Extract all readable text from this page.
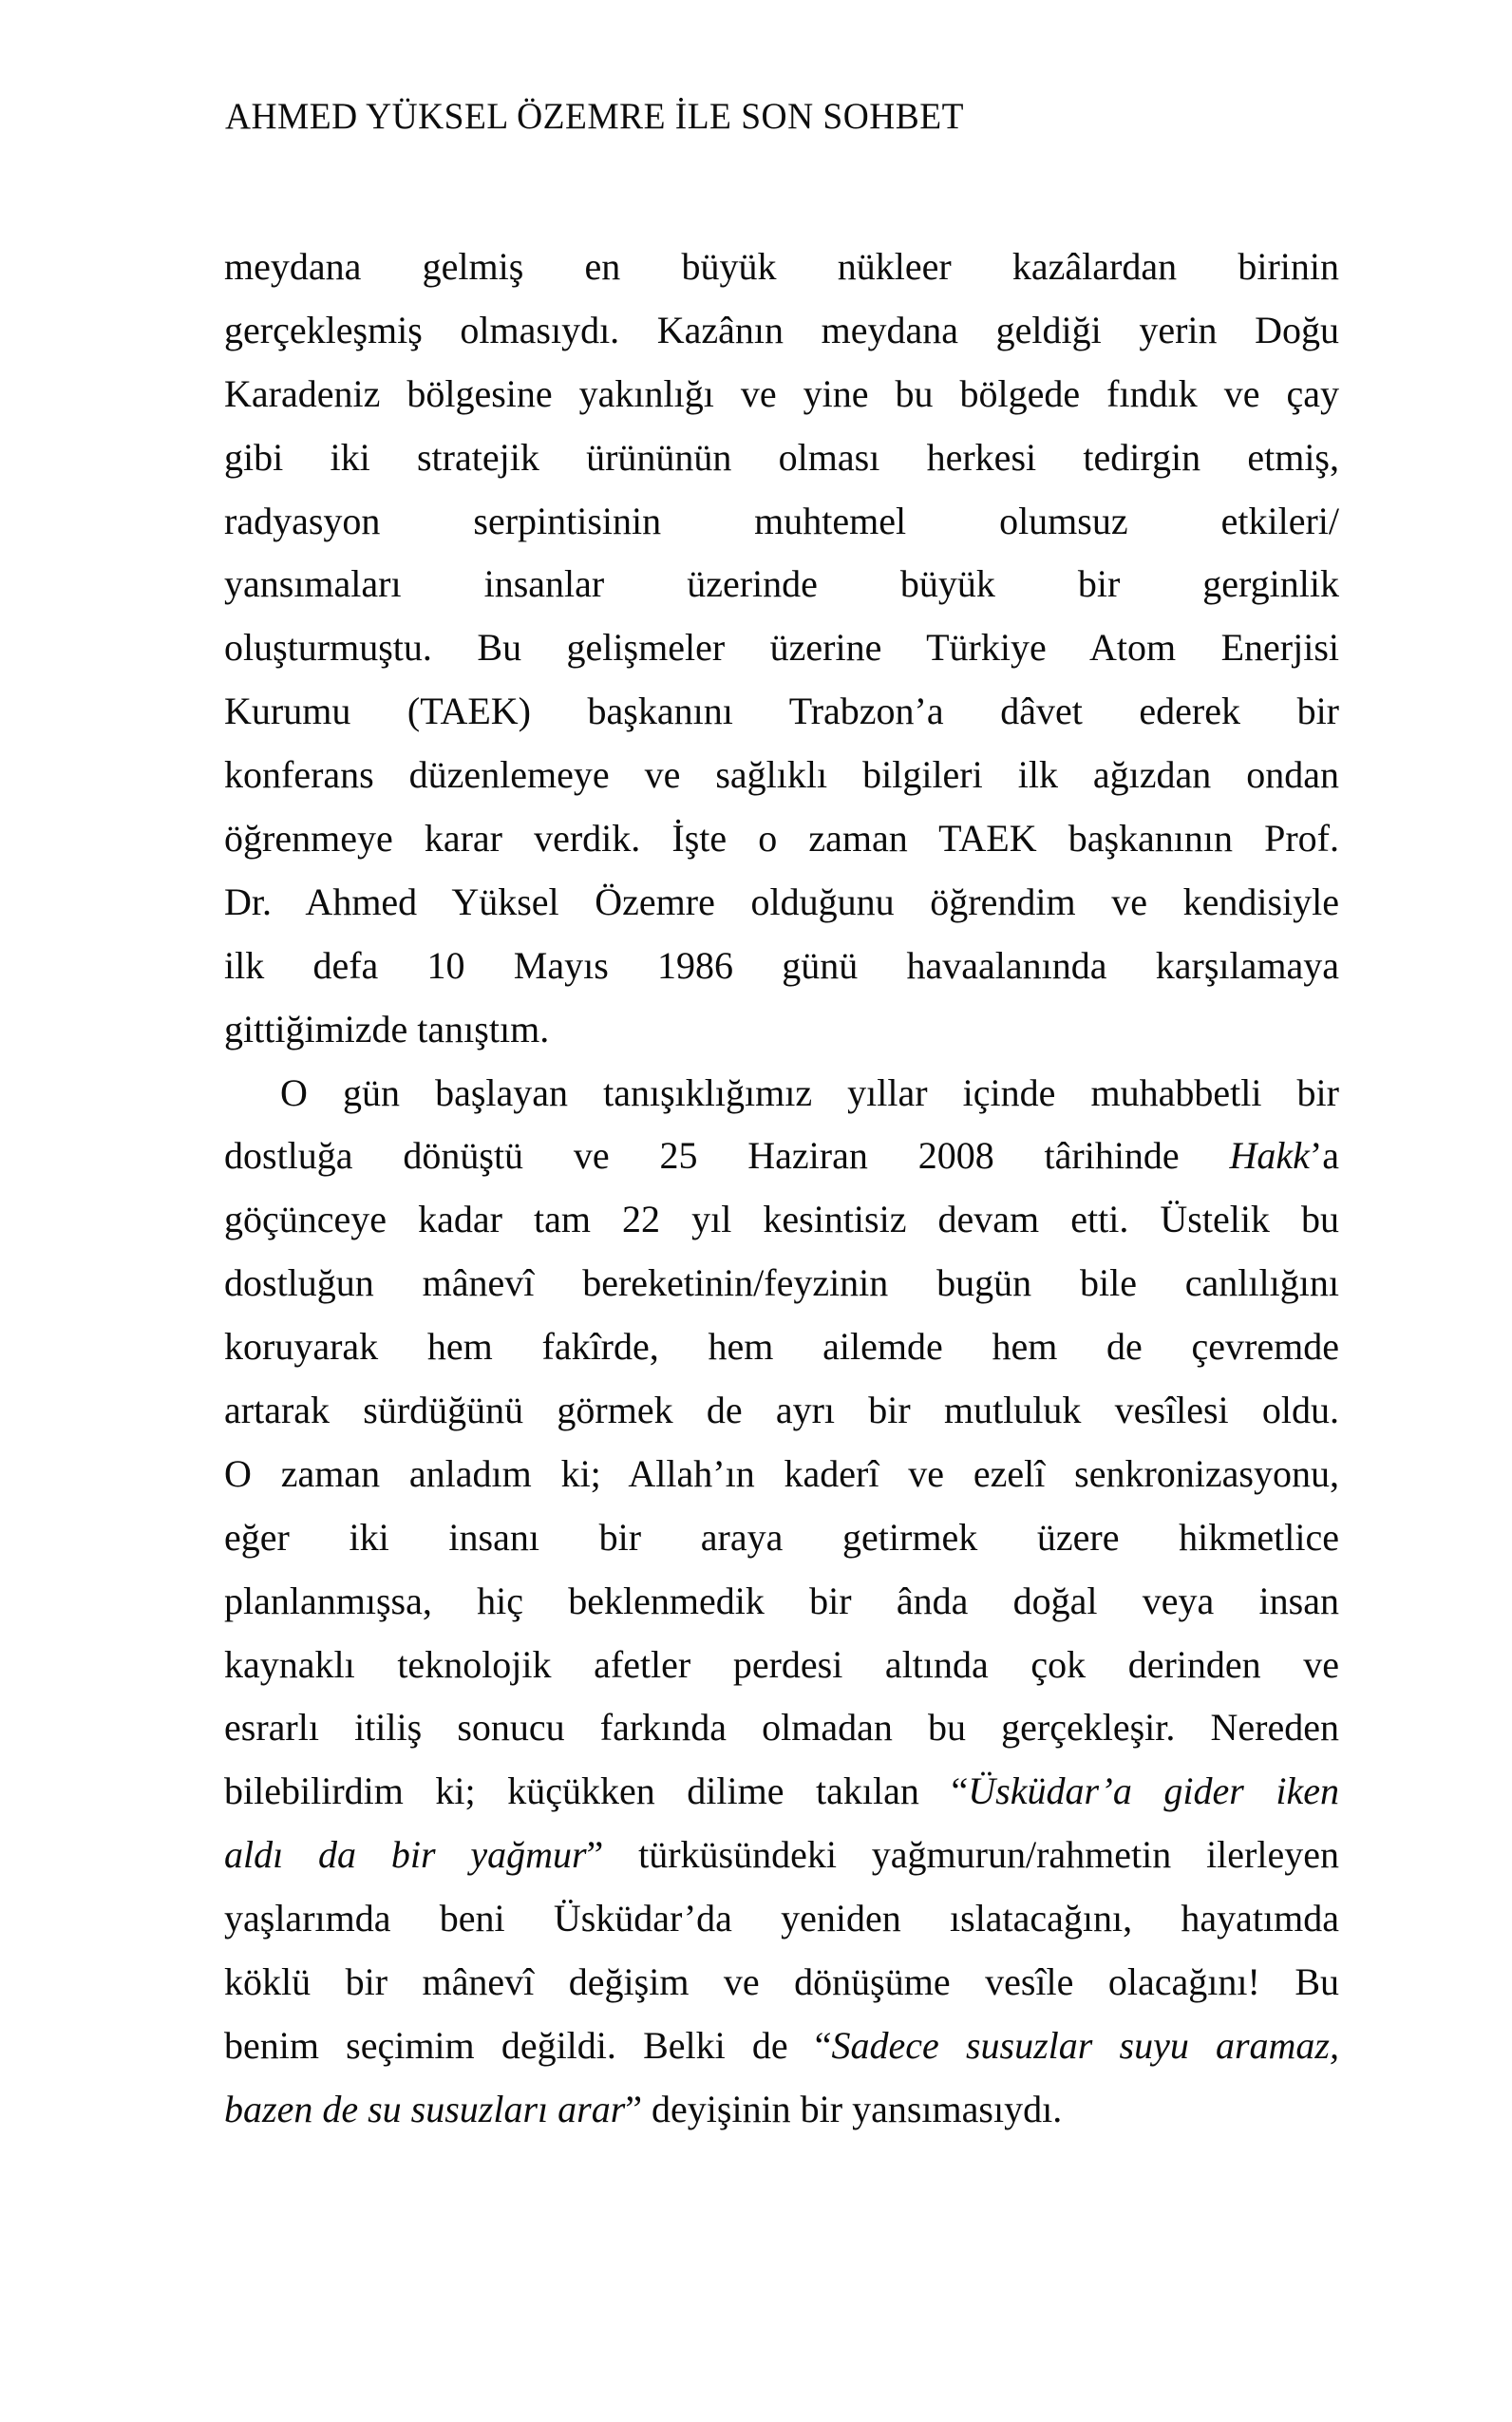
AHMED YÜKSEL ÖZEMRE İLE SON SOHBET
meydana gelmiş en büyük nükleer kazâlardan birinin
gerçekleşmiş olmasıydı. Kazânın meydana geldiği yerin Doğu
Karadeniz bölgesine yakınlığı ve yine bu bölgede fındık ve çay
gibi iki stratejik ürününün olması herkesi tedirgin etmiş,
radyasyon serpintisinin muhtemel olumsuz etkileri/
yansımaları insanlar üzerinde büyük bir gerginlik
oluşturmuştu. Bu gelişmeler üzerine Türkiye Atom Enerjisi
Kurumu (TAEK) başkanını Trabzon’a dâvet ederek bir
konferans düzenlemeye ve sağlıklı bilgileri ilk ağızdan ondan
öğrenmeye karar verdik. İşte o zaman TAEK başkanının Prof.
Dr. Ahmed Yüksel Özemre olduğunu öğrendim ve kendisiyle
ilk defa 10 Mayıs 1986 günü havaalanında karşılamaya
gittiğimizde tanıştım.
O gün başlayan tanışıklığımız yıllar içinde muhabbetli bir
dostluğa dönüştü ve 25 Haziran 2008 târihinde Hakk’a
göçünceye kadar tam 22 yıl kesintisiz devam etti. Üstelik bu
dostluğun mânevî bereketinin/feyzinin bugün bile canlılığını
koruyarak hem fakîrde, hem ailemde hem de çevremde
artarak sürdüğünü görmek de ayrı bir mutluluk vesîlesi oldu.
O zaman anladım ki; Allah’ın kaderî ve ezelî senkronizasyonu,
eğer iki insanı bir araya getirmek üzere hikmetlice
planlanmışsa, hiç beklenmedik bir ânda doğal veya insan
kaynaklı teknolojik afetler perdesi altında çok derinden ve
esrarlı itiliş sonucu farkında olmadan bu gerçekleşir. Nereden
bilebilirdim ki; küçükken dilime takılan “Üsküdar’a gider iken
aldı da bir yağmur” türküsündeki yağmurun/rahmetin ilerleyen
yaşlarımda beni Üsküdar’da yeniden ıslatacağını, hayatımda
köklü bir mânevî değişim ve dönüşüme vesîle olacağını! Bu
benim seçimim değildi. Belki de “Sadece susuzlar suyu aramaz,
bazen de su susuzları arar” deyişinin bir yansımasıydı.
